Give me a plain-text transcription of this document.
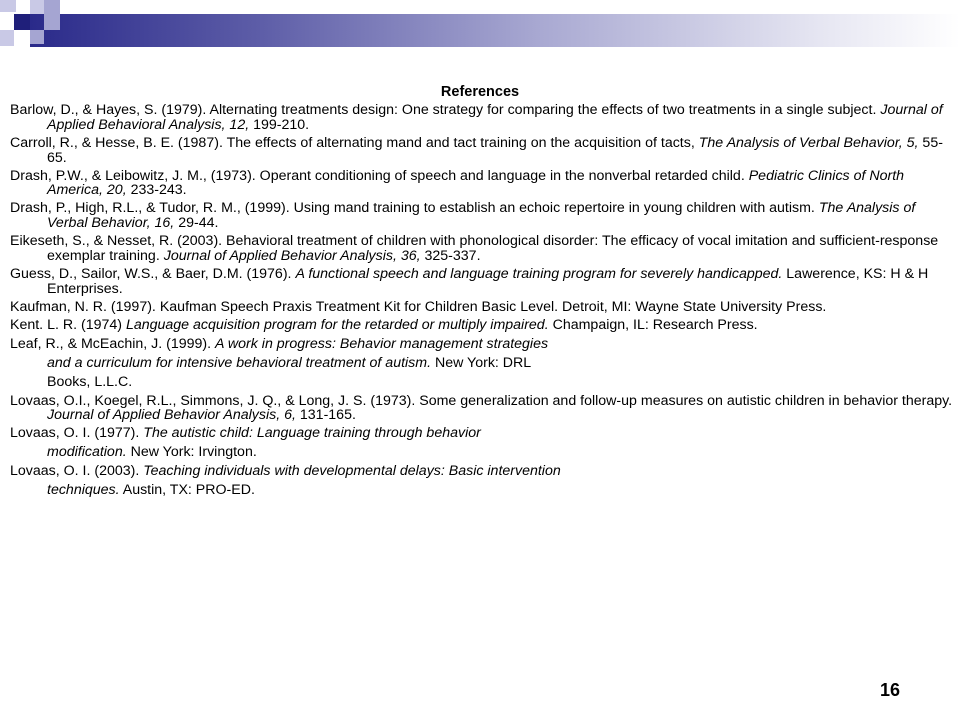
References
Barlow, D., & Hayes, S. (1979). Alternating treatments design: One strategy for comparing the effects of two treatments in a single subject. Journal of Applied Behavioral Analysis, 12, 199-210.
Carroll, R., & Hesse, B. E. (1987). The effects of alternating mand and tact training on the acquisition of tacts, The Analysis of Verbal Behavior, 5, 55-65.
Drash, P.W., & Leibowitz, J. M., (1973). Operant conditioning of speech and language in the nonverbal retarded child. Pediatric Clinics of North America, 20, 233-243.
Drash, P., High, R.L., & Tudor, R. M., (1999). Using mand training to establish an echoic repertoire in young children with autism. The Analysis of Verbal Behavior, 16, 29-44.
Eikeseth, S., & Nesset, R. (2003). Behavioral treatment of children with phonological disorder: The efficacy of vocal imitation and sufficient-response exemplar training. Journal of Applied Behavior Analysis, 36, 325-337.
Guess, D., Sailor, W.S., & Baer, D.M. (1976). A functional speech and language training program for severely handicapped. Lawerence, KS: H & H Enterprises.
Kaufman, N. R. (1997). Kaufman Speech Praxis Treatment Kit for Children Basic Level. Detroit, MI: Wayne State University Press.
Kent. L. R. (1974) Language acquisition program for the retarded or multiply impaired. Champaign, IL: Research Press.
Leaf, R., & McEachin, J. (1999). A work in progress: Behavior management strategies
and a curriculum for intensive behavioral treatment of autism. New York: DRL
Books, L.L.C.
Lovaas, O.I., Koegel, R.L., Simmons, J. Q., & Long, J. S. (1973). Some generalization and follow-up measures on autistic children in behavior therapy. Journal of Applied Behavior Analysis, 6, 131-165.
Lovaas, O. I. (1977). The autistic child: Language training through behavior
modification. New York: Irvington.
Lovaas, O. I. (2003). Teaching individuals with developmental delays: Basic intervention
techniques. Austin, TX: PRO-ED.
16
